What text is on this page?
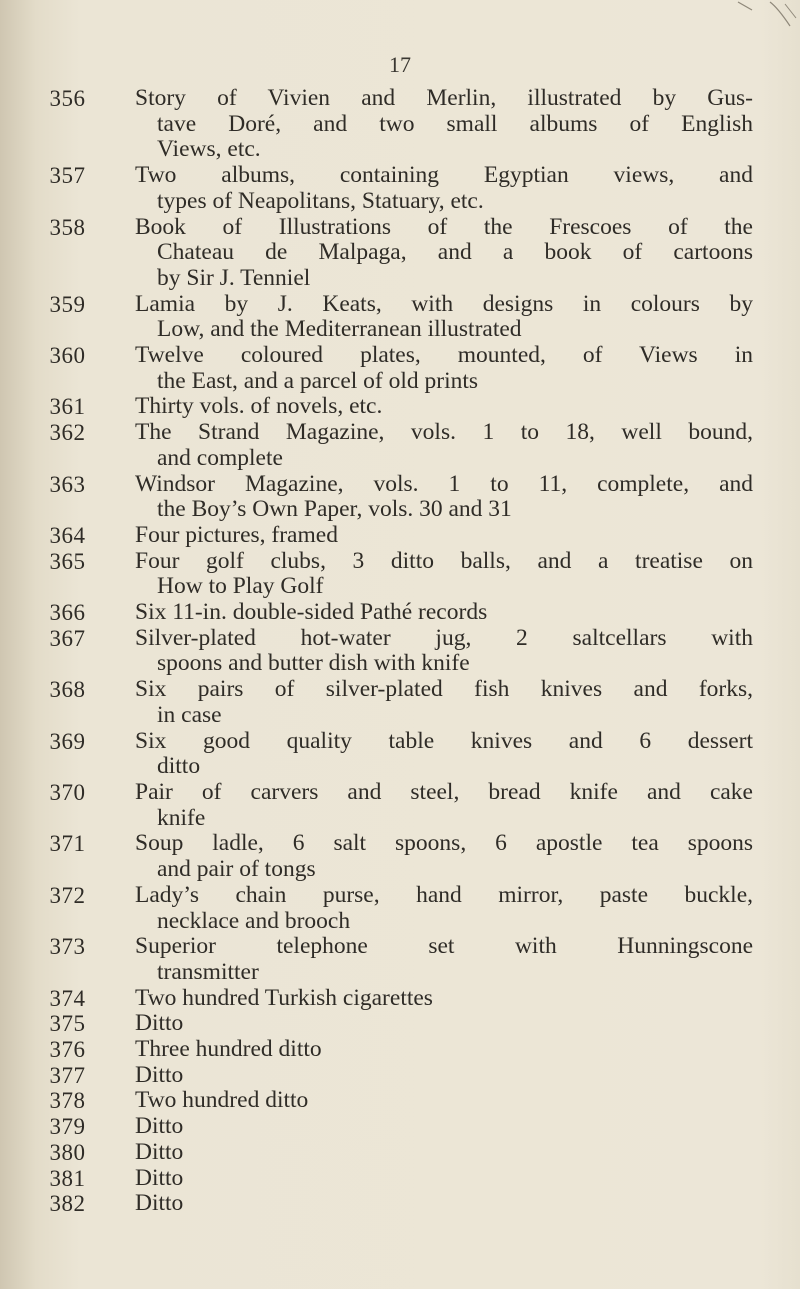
17
356	Story of Vivien and Merlin, illustrated by Gus-
tave Doré, and two small albums of English
Views, etc.
357	Two albums, containing Egyptian views, and
types of Neapolitans, Statuary, etc.
358	Book of Illustrations of the Frescoes of the
Chateau de Malpaga, and a book of cartoons
by Sir J. Tenniel
359	Lamia by J. Keats, with designs in colours by
Low, and the Mediterranean illustrated
360	Twelve coloured plates, mounted, of Views in
the East, and a parcel of old prints
361	Thirty vols. of novels, etc.
362	The Strand Magazine, vols. 1 to 18, well bound,
and complete
363	Windsor Magazine, vols. 1 to 11, complete, and
the Boy’s Own Paper, vols. 30 and 31
364	Four pictures, framed
365	Four golf clubs, 3 ditto balls, and a treatise on
How to Play Golf
366	Six 11-in. double-sided Pathé records
367	Silver-plated hot-water jug, 2 saltcellars with
spoons and butter dish with knife
368	Six pairs of silver-plated fish knives and forks,
in case
369	Six good quality table knives and 6 dessert
ditto
370	Pair of carvers and steel, bread knife and cake
knife
371	Soup ladle, 6 salt spoons, 6 apostle tea spoons
and pair of tongs
372	Lady’s chain purse, hand mirror, paste buckle,
necklace and brooch
373	Superior telephone set with Hunningscone
transmitter
374	Two hundred Turkish cigarettes
375	Ditto
376	Three hundred ditto
377	Ditto
378	Two hundred ditto
379	Ditto
380	Ditto
381	Ditto
382	Ditto
